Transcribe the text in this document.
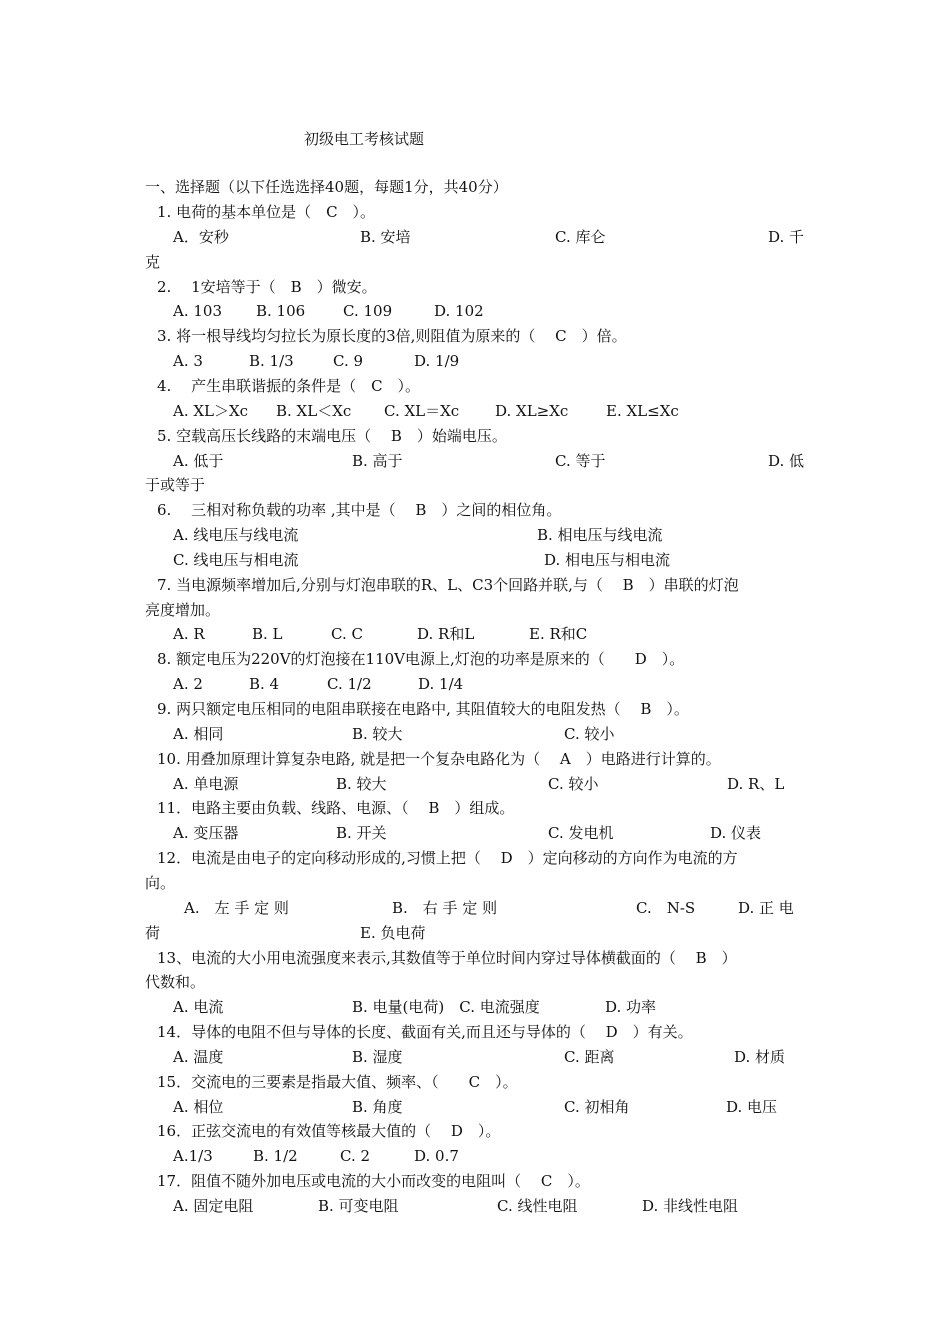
初级电工考核试题
一、选择题（以下任选选择40题，每题1分，共40分）
1. 电荷的基本单位是（　C　）。
A．安秒	B. 安培	C. 库仑	D. 千
克
2.　 1安培等于（　B　）微安。
A. 103 B. 106	C. 109	D. 102
3. 将一根导线均匀拉长为原长度的3倍,则阻值为原来的（　 C　）倍。
A. 3	B. 1/3	C. 9	D. 1/9
4.　 产生串联谐振的条件是（　C　）。
A. XL＞Xc B. XL＜Xc C. XL＝Xc D. XL≥Xc	E. XL≤Xc
5. 空载高压长线路的末端电压（　 B　）始端电压。
A. 低于	B. 高于	C. 等于	D. 低
于或等于
6.　 三相对称负载的功率 ,其中是（　 B　）之间的相位角。
A. 线电压与线电流	B. 相电压与线电流
C. 线电压与相电流	D. 相电压与相电流
7. 当电源频率增加后,分别与灯泡串联的R、L、C3个回路并联,与（　 B　）串联的灯泡
亮度增加。
A. R	B. L	C. C	D. R和L	E. R和C
8. 额定电压为220V的灯泡接在110V电源上,灯泡的功率是原来的（　　D　）。
A. 2	B. 4	C. 1/2	D. 1/4
9. 两只额定电压相同的电阻串联接在电路中, 其阻值较大的电阻发热（　 B　）。
A. 相同	B. 较大	C. 较小
10. 用叠加原理计算复杂电路, 就是把一个复杂电路化为（　 A　）电路进行计算的。
A. 单电源	B. 较大	C. 较小	D. R、L
11．电路主要由负载、线路、电源、（　 B　）组成。
A. 变压器	B. 开关	C. 发电机	D. 仪表
12．电流是由电子的定向移动形成的,习惯上把（　 D　）定向移动的方向作为电流的方
向。
A.　左 手 定 则	B.　右 手 定 则	C.　N-S	D. 正 电
荷	E. 负电荷
13、电流的大小用电流强度来表示,其数值等于单位时间内穿过导体横截面的（　 B　）
代数和。
A. 电流	B. 电量(电荷)　C. 电流强度	D. 功率
14．导体的电阻不但与导体的长度、截面有关,而且还与导体的（　 D　）有关。
A. 温度	B. 湿度	C. 距离	D. 材质
15．交流电的三要素是指最大值、频率、（　　C　）。
A. 相位	B. 角度	C. 初相角	D. 电压
16．正弦交流电的有效值等核最大值的（　 D　）。
A.1/3	B. 1/2	C. 2	D. 0.7
17．阻值不随外加电压或电流的大小而改变的电阻叫（　 C　）。
A. 固定电阻	B. 可变电阻	C. 线性电阻	D. 非线性电阻
